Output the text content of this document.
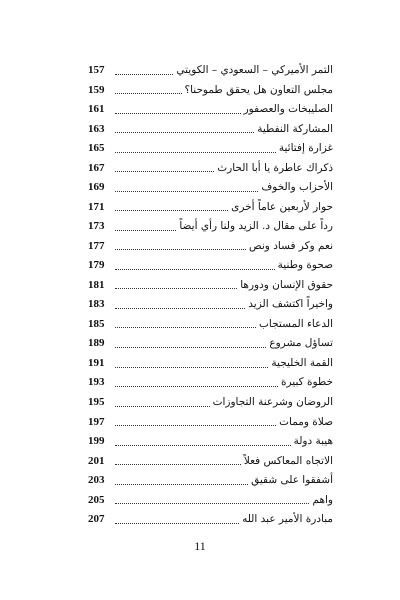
التمر الأميركي – السعودي – الكويتي
157
مجلس التعاون هل يحقق طموحنا؟
159
الصليبخات والعصفور
161
المشاركة النفطية
163
غزارة إفتائية
165
ذكراك عاطرة يا أبا الحارث
167
الأحزاب والخوف
169
حوار لأربعين عاماً أخرى
171
رداً على مقال د. الزيد ولنا رأي أيضاً
173
نعم وكر فساد ونص
177
صحوة وطنية
179
حقوق الإنسان ودورها
181
واخيراً اكتشف الزيد
183
الدعاء المستجاب
185
تساؤل مشروع
189
القمة الخليجية
191
خطوة كبيرة
193
الروضان وشرعنة التجاوزات
195
صلاة وممات
197
هيبة دولة
199
الاتجاه المعاكس فعلاً
201
أشفقوا على شقيق
203
واهم
205
مبادرة الأمير عبد الله
207
11
